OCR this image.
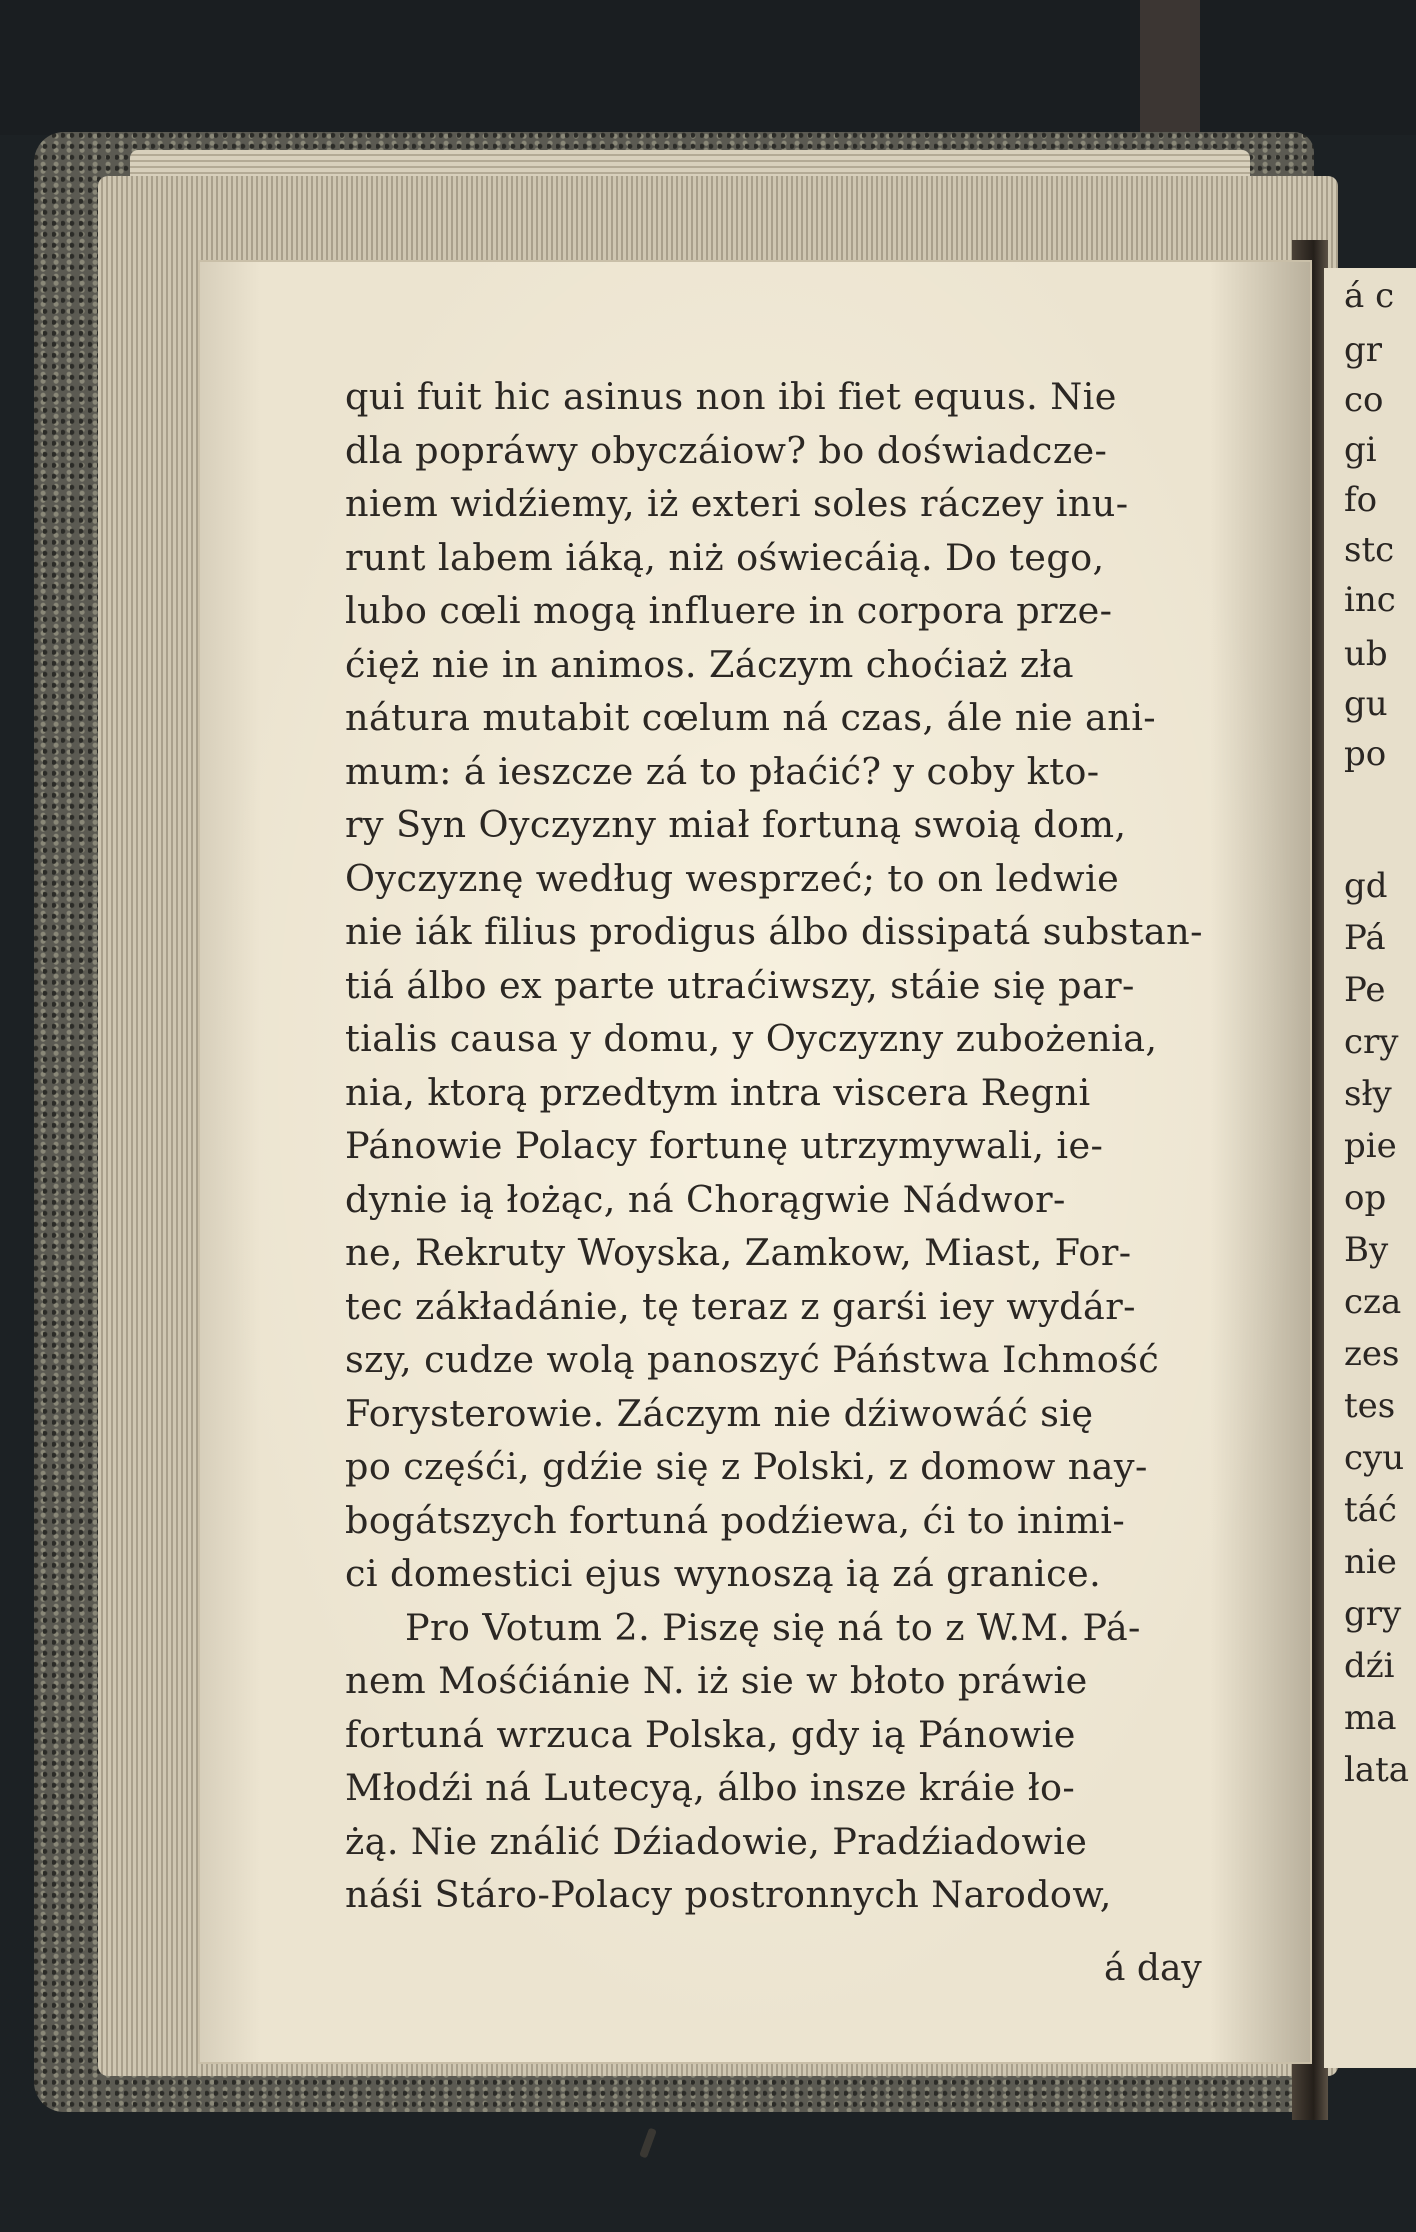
á c

gr

co

gi

fo

stc

inc

ub

gu

po

gd

Pá

Pe

cry

sły

pie

op

By

cza

zes

tes

cyu

táć

nie

gry

dźi

ma

lata

qui fuit hic asinus non ibi fiet equus. Nie
dla popráwy obyczáiow? bo doświadcze-
niem widźiemy, iż exteri soles ráczey inu-
runt labem iáką, niż oświecáią. Do tego,
lubo cœli mogą influere in corpora prze-
ćięż nie in animos. Záczym choćiaż zła
nátura mutabit cœlum ná czas, ále nie ani-
mum: á ieszcze zá to płaćić? y coby kto-
ry Syn Oyczyzny miał fortuną swoią dom,
Oyczyznę według wesprzeć; to on ledwie
nie iák filius prodigus álbo dissipatá substan-
tiá álbo ex parte utraćiwszy, stáie się par-
tialis causa y domu, y Oyczyzny zubożenia,
nia, ktorą przedtym intra viscera Regni
Pánowie Polacy fortunę utrzymywali, ie-
dynie ią łożąc, ná Chorągwie Nádwor-
ne, Rekruty Woyska, Zamkow, Miast, For-
tec zákładánie, tę teraz z garśi iey wydár-
szy, cudze wolą panoszyć Páństwa Ichmość
Forysterowie. Záczym nie dźiwowáć się
po częśći, gdźie się z Polski, z domow nay-
bogátszych fortuná podźiewa, ći to inimi-
ci domestici ejus wynoszą ią zá granice.
Pro Votum 2. Piszę się ná to z W.M. Pá-
nem Mośćiánie N. iż sie w błoto práwie
fortuná wrzuca Polska, gdy ią Pánowie
Młodźi ná Lutecyą, álbo insze kráie ło-
żą. Nie ználić Dźiadowie, Pradźiadowie
náśi Stáro-Polacy postronnych Narodow,
á day
